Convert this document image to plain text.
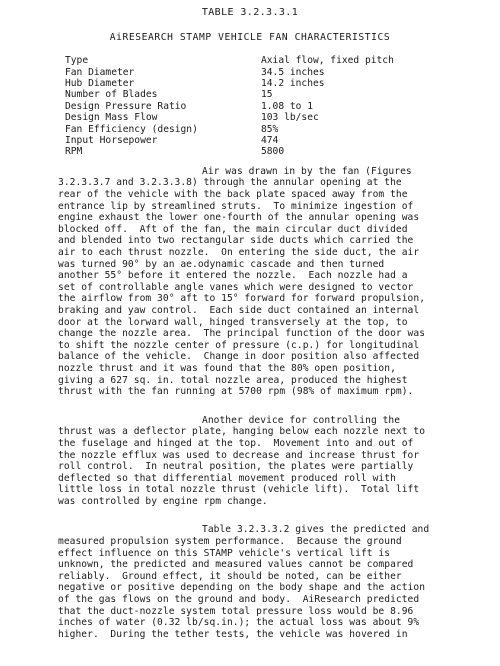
TABLE 3.2.3.3.1
AiRESEARCH STAMP VEHICLE FAN CHARACTERISTICS
Type	Axial flow, fixed pitch
Fan Diameter	34.5 inches
Hub Diameter	14.2 inches
Number of Blades	15
Design Pressure Ratio	1.08 to 1
Design Mass Flow	103 lb/sec
Fan Efficiency (design)	85%
Input Horsepower	474
RPM	5800
Air was drawn in by the fan (Figures
3.2.3.3.7 and 3.2.3.3.8) through the annular opening at the
rear of the vehicle with the back plate spaced away from the
entrance lip by streamlined struts.  To minimize ingestion of
engine exhaust the lower one-fourth of the annular opening was
blocked off.  Aft of the fan, the main circular duct divided
and blended into two rectangular side ducts which carried the
air to each thrust nozzle.  On entering the side duct, the air
was turned 90° by an ae.odynamic cascade and then turned
another 55° before it entered the nozzle.  Each nozzle had a
set of controllable angle vanes which were designed to vector
the airflow from 30° aft to 15° forward for forward propulsion,
braking and yaw control.  Each side duct contained an internal
door at the lorward wall, hinged transversely at the top, to
change the nozzle area.  The principal function of the door was
to shift the nozzle center of pressure (c.p.) for longitudinal
balance of the vehicle.  Change in door position also affected
nozzle thrust and it was found that the 80% open position,
giving a 627 sq. in. total nozzle area, produced the highest
thrust with the fan running at 5700 rpm (98% of maximum rpm).
Another device for controlling the
thrust was a deflector plate, hanging below each nozzle next to
the fuselage and hinged at the top.  Movement into and out of
the nozzle efflux was used to decrease and increase thrust for
roll control.  In neutral position, the plates were partially
deflected so that differential movement produced roll with
little loss in total nozzle thrust (vehicle lift).  Total lift
was controlled by engine rpm change.
Table 3.2.3.3.2 gives the predicted and
measured propulsion system performance.  Because the ground
effect influence on this STAMP vehicle's vertical lift is
unknown, the predicted and measured values cannot be compared
reliably.  Ground effect, it should be noted, can be either
negative or positive depending on the body shape and the action
of the gas flows on the ground and body.  AiResearch predicted
that the duct-nozzle system total pressure loss would be 8.96
inches of water (0.32 lb/sq.in.); the actual loss was about 9%
higher.  During the tether tests, the vehicle was hovered in
